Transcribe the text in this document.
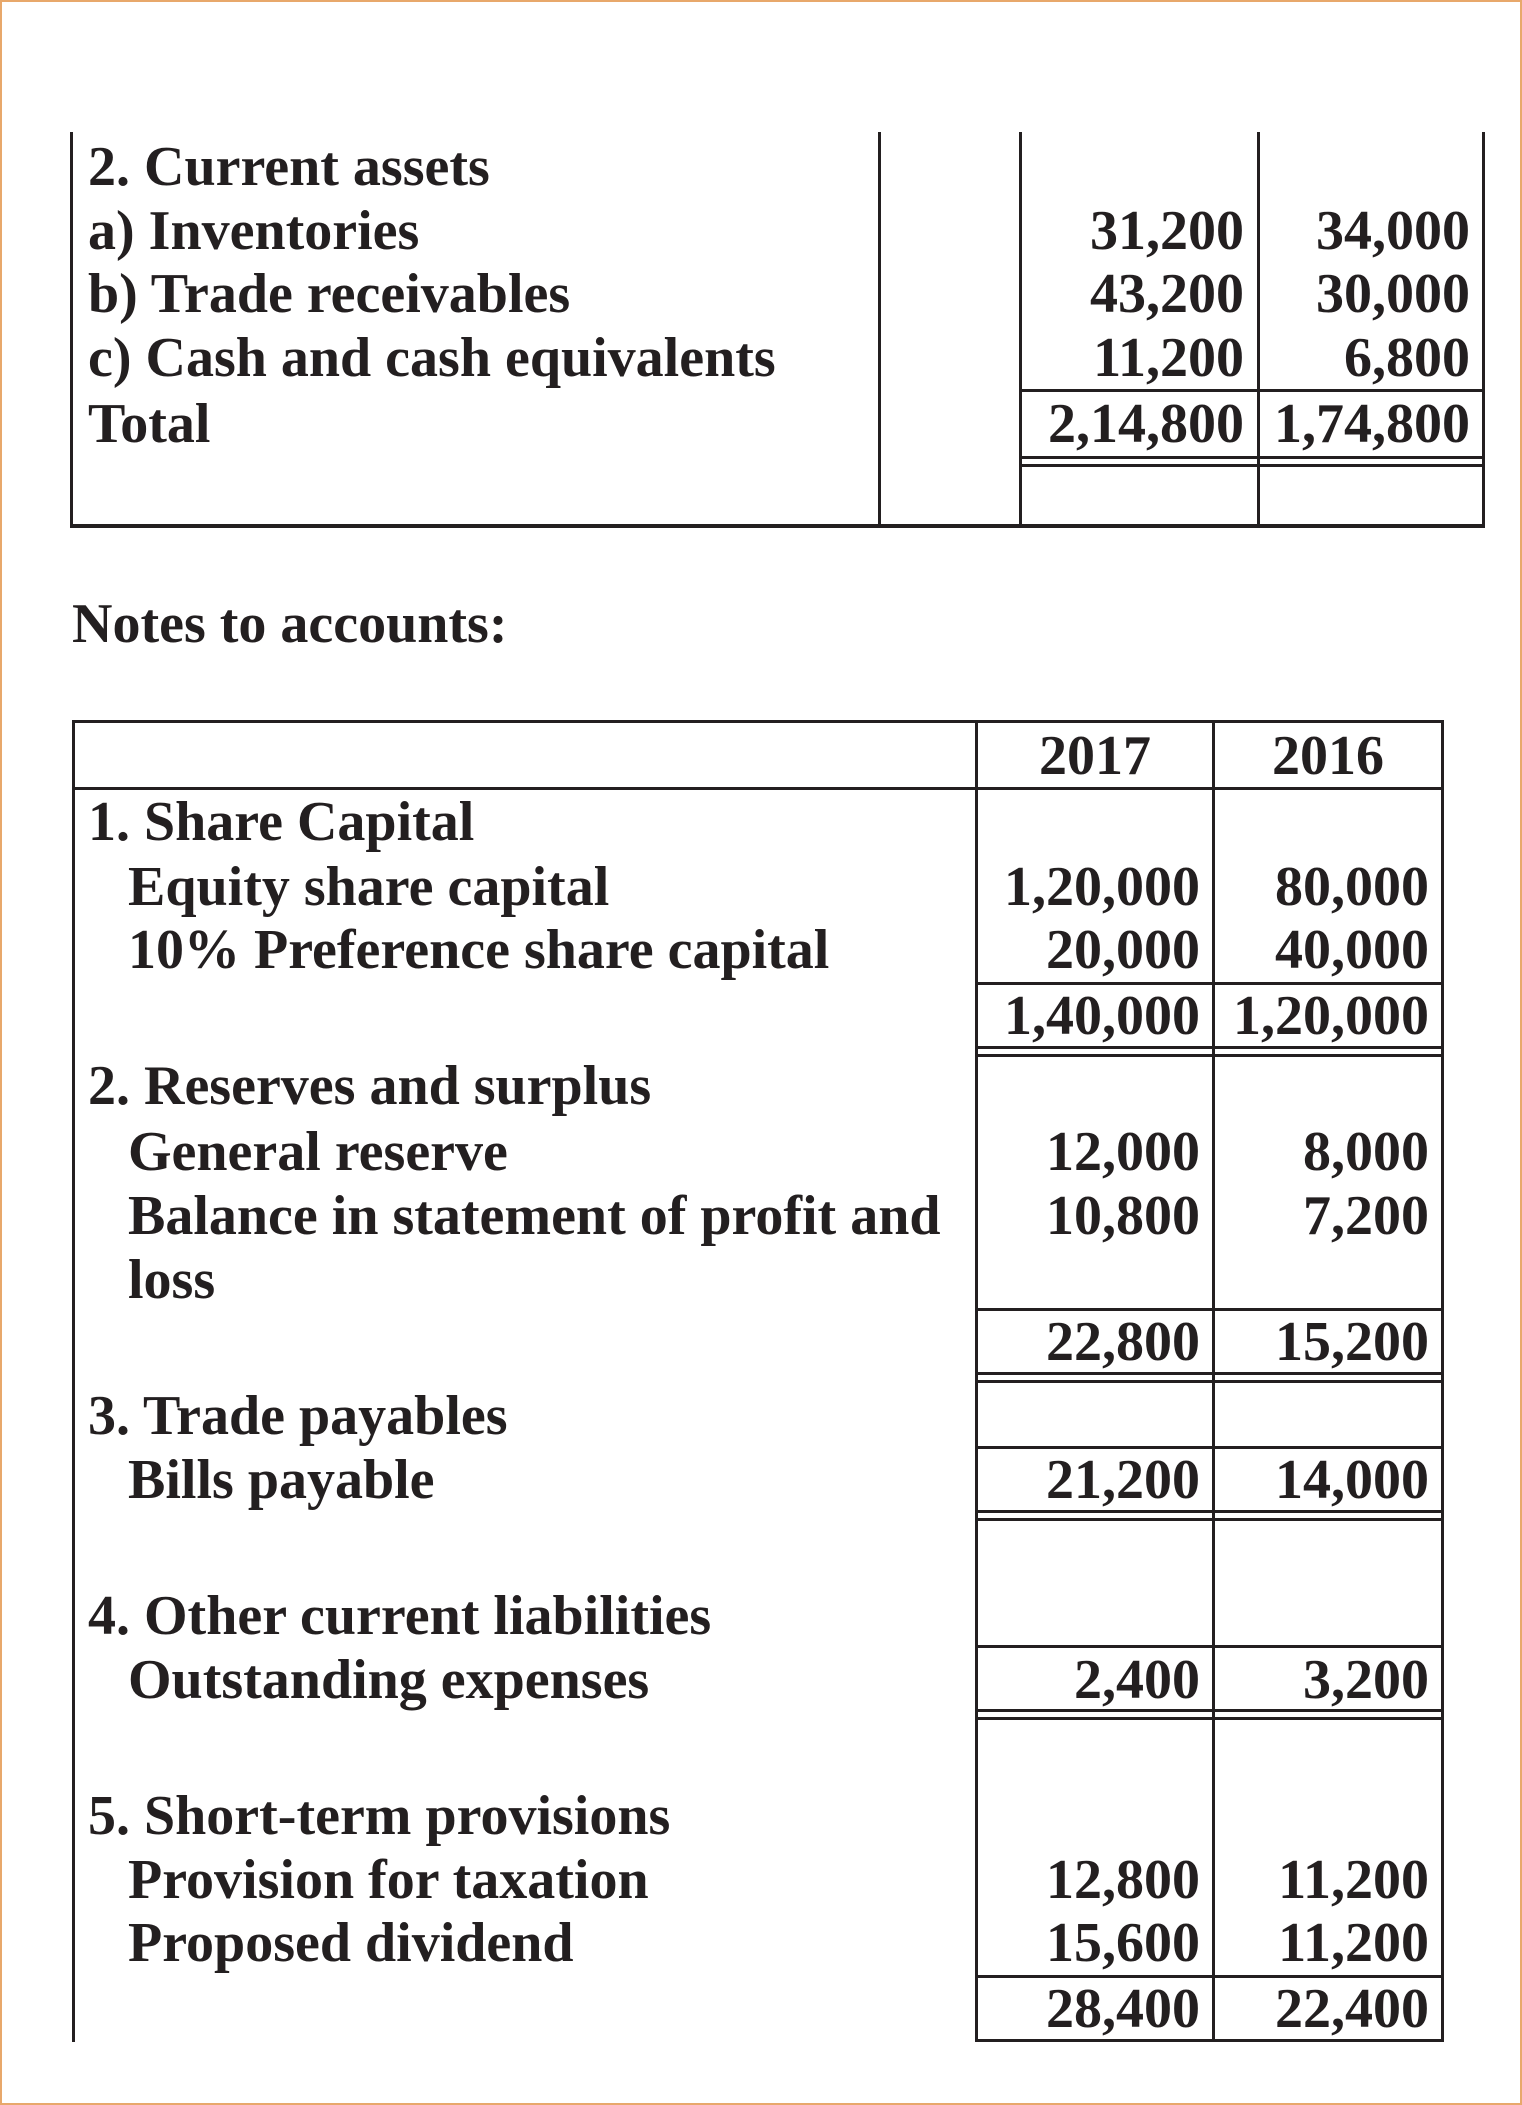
2. Current assets
a) Inventories	31,200	34,000
b) Trade receivables	43,200	30,000
c) Cash and cash equivalents	11,200	6,800
Total	2,14,800 1,74,800
Notes to accounts:
2017	2016
1. Share Capital
Equity share capital	1,20,000	80,000
10% Preference share capital	20,000	40,000
1,40,000 1,20,000
2. Reserves and surplus
General reserve	12,000	8,000
Balance in statement of profit and
loss
10,800	7,200
22,800	15,200
3. Trade payables
Bills payable	21,200	14,000
4. Other current liabilities
Outstanding expenses	2,400	3,200
5. Short-term provisions
Provision for taxation	12,800	11,200
Proposed dividend	15,600	11,200
28,400	22,400
